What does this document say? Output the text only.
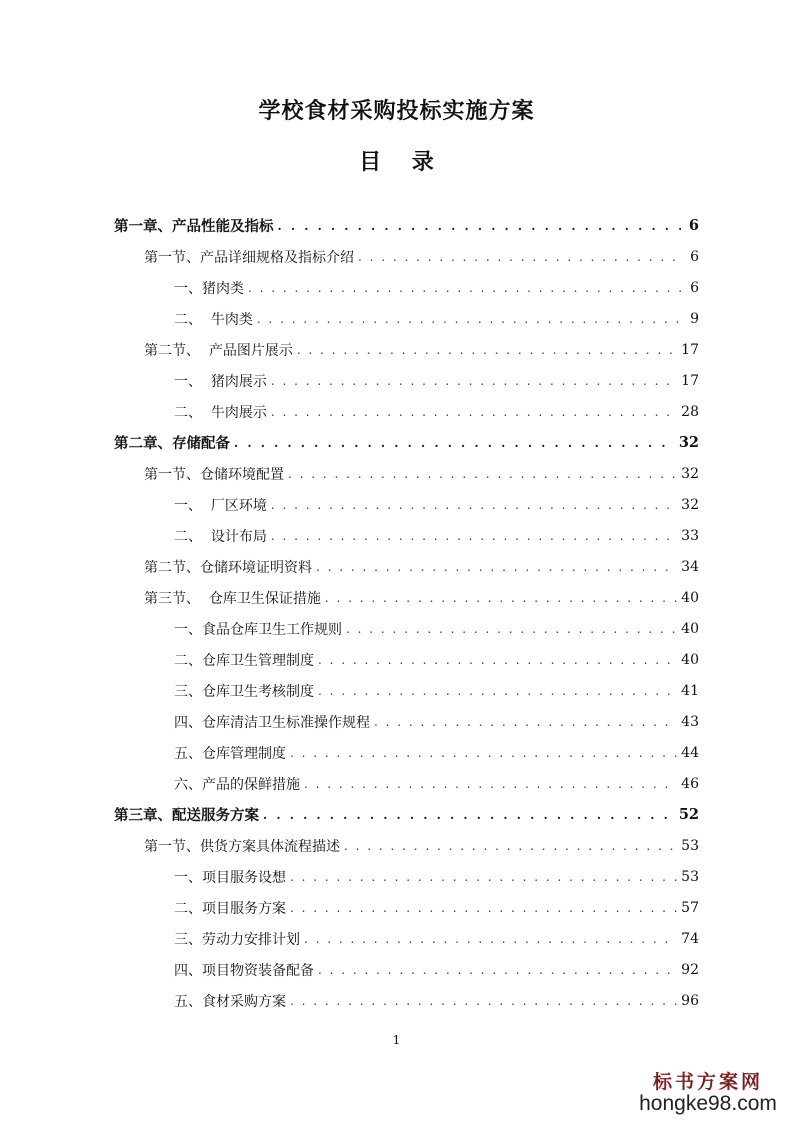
学校食材采购投标实施方案
目    录
第一章、产品性能及指标 . . .	6
第一节、产品详细规格及指标介绍 . . .	6
一、猪肉类 . . .	6
二、  牛肉类 . . .	9
第二节、  产品图片展示 . . .	17
一、  猪肉展示 . . .	17
二、  牛肉展示 . . .	28
第二章、存储配备 . . .	32
第一节、仓储环境配置 . . .	32
一、  厂区环境 . . .	32
二、  设计布局 . . .	33
第二节、仓储环境证明资料 . . .	34
第三节、  仓库卫生保证措施 . . .	40
一、食品仓库卫生工作规则 . . .	40
二、仓库卫生管理制度 . . .	40
三、仓库卫生考核制度 . . .	41
四、仓库清洁卫生标准操作规程 . . .	43
五、仓库管理制度 . . .	44
六、产品的保鲜措施 . . .	46
第三章、配送服务方案 . . .	52
第一节、供货方案具体流程描述 . . .	53
一、项目服务设想 . . .	53
二、项目服务方案 . . .	57
三、劳动力安排计划 . . .	74
四、项目物资装备配备 . . .	92
五、食材采购方案 . . .	96
1
标书方案网
hongke98.com
